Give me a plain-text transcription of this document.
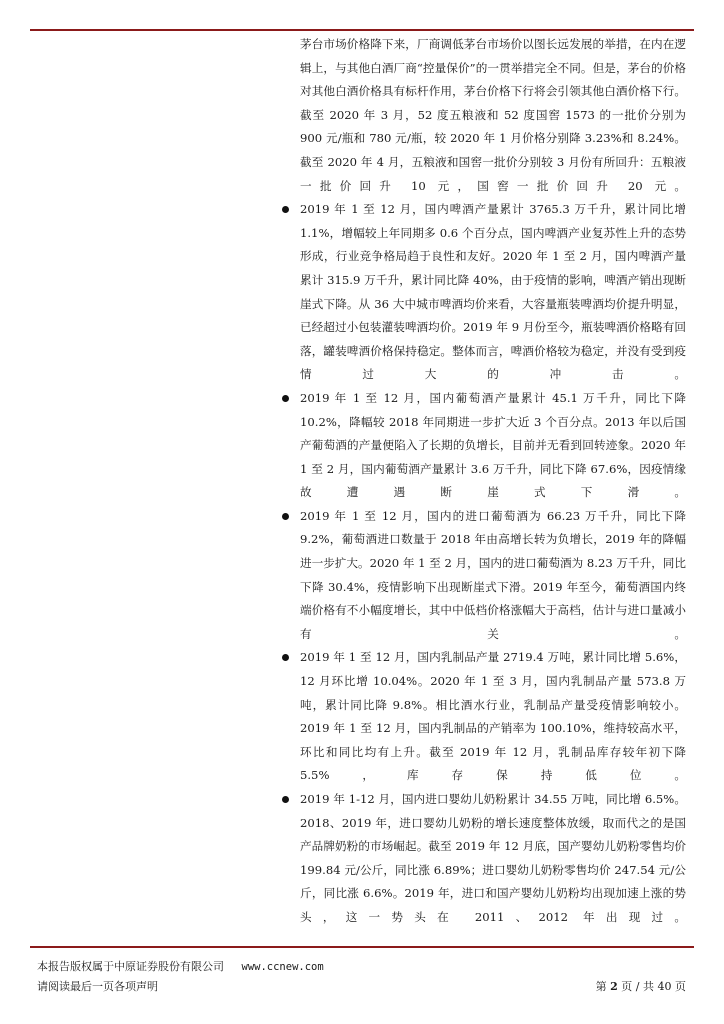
茅台市场价格降下来，厂商调低茅台市场价以图长远发展的举措，在内在逻辑上，与其他白酒厂商“控量保价”的一贯举措完全不同。但是，茅台的价格对其他白酒价格具有标杆作用，茅台价格下行将会引领其他白酒价格下行。截至 2020 年 3 月，52 度五粮液和 52 度国窖 1573 的一批价分别为 900 元/瓶和 780 元/瓶，较 2020 年 1 月价格分别降 3.23%和 8.24%。截至 2020 年 4 月，五粮液和国窖一批价分别较 3 月份有所回升：五粮液一批价回升 10 元，国窖一批价回升 20 元。

2019 年 1 至 12 月，国内啤酒产量累计 3765.3 万千升，累计同比增 1.1%，增幅较上年同期多 0.6 个百分点，国内啤酒产业复苏性上升的态势形成，行业竞争格局趋于良性和友好。2020 年 1 至 2 月，国内啤酒产量累计 315.9 万千升，累计同比降 40%，由于疫情的影响，啤酒产销出现断崖式下降。从 36 大中城市啤酒均价来看，大容量瓶装啤酒均价提升明显，已经超过小包装灌装啤酒均价。2019 年 9 月份至今，瓶装啤酒价格略有回落，罐装啤酒价格保持稳定。整体而言，啤酒价格较为稳定，并没有受到疫情过大的冲击。

2019 年 1 至 12 月，国内葡萄酒产量累计 45.1 万千升，同比下降 10.2%，降幅较 2018 年同期进一步扩大近 3 个百分点。2013 年以后国产葡萄酒的产量便陷入了长期的负增长，目前并无看到回转迹象。2020 年 1 至 2 月，国内葡萄酒产量累计 3.6 万千升，同比下降 67.6%，因疫情缘故遭遇断崖式下滑。

2019 年 1 至 12 月，国内的进口葡萄酒为 66.23 万千升，同比下降 9.2%，葡萄酒进口数量于 2018 年由高增长转为负增长，2019 年的降幅进一步扩大。2020 年 1 至 2 月，国内的进口葡萄酒为 8.23 万千升，同比下降 30.4%，疫情影响下出现断崖式下滑。2019 年至今，葡萄酒国内终端价格有不小幅度增长，其中中低档价格涨幅大于高档，估计与进口量减小有关。

2019 年 1 至 12 月，国内乳制品产量 2719.4 万吨，累计同比增 5.6%，12 月环比增 10.04%。2020 年 1 至 3 月，国内乳制品产量 573.8 万吨，累计同比降 9.8%。相比酒水行业，乳制品产量受疫情影响较小。2019 年 1 至 12 月，国内乳制品的产销率为 100.10%，维持较高水平，环比和同比均有上升。截至 2019 年 12 月，乳制品库存较年初下降 5.5%，库存保持低位。

2019 年 1-12 月，国内进口婴幼儿奶粉累计 34.55 万吨，同比增 6.5%。2018、2019 年，进口婴幼儿奶粉的增长速度整体放缓，取而代之的是国产品牌奶粉的市场崛起。截至 2019 年 12 月底，国产婴幼儿奶粉零售均价 199.84 元/公斤，同比涨 6.89%；进口婴幼儿奶粉零售均价 247.54 元/公斤，同比涨 6.6%。2019 年，进口和国产婴幼儿奶粉均出现加速上涨的势头，这一势头在 2011、2012 年出现过。

本报告版权属于中原证券股份有限公司 www.ccnew.com
请阅读最后一页各项声明	第 2 页 / 共 40 页
